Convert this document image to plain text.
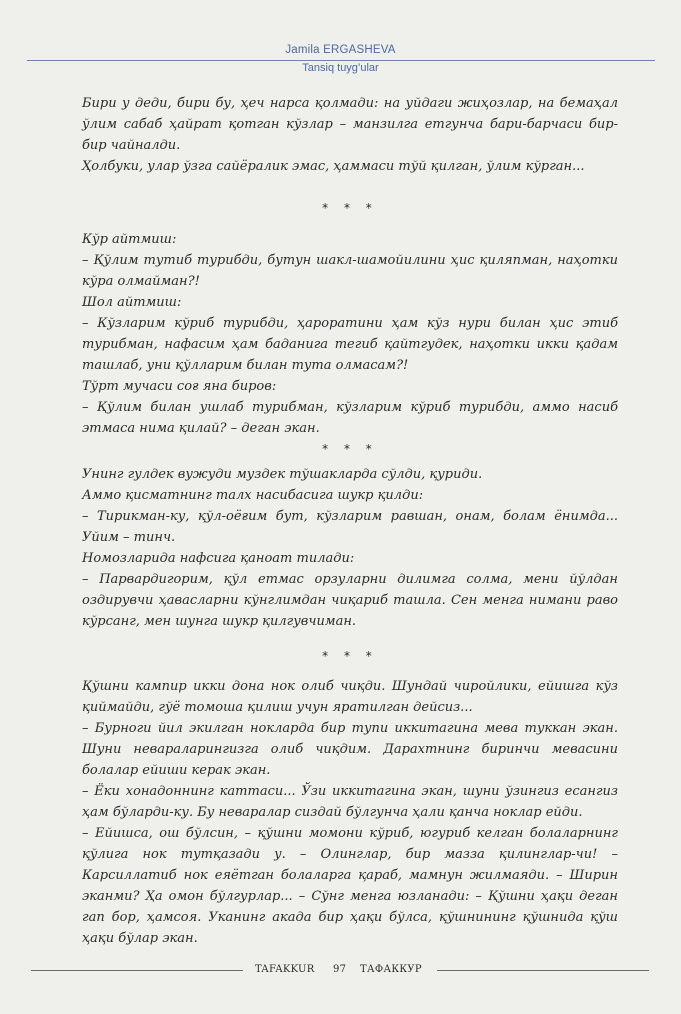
Jamila ERGASHEVA
Tansiq tuyg’ular

Бири у деди, бири бу, ҳеч нарса қолмади: на уйдаги жиҳозлар, на бемаҳал ўлим сабаб ҳайрат қотган кўзлар – манзилга етгунча бари-барчаси бир-бир чайналди.

Ҳолбуки, улар ўзга сайёралик эмас, ҳаммаси тўй қилган, ўлим кўрган...

* * *

Кўр айтмиш:

– Қўлим тутиб турибди, бутун шакл-шамойилини ҳис қиляпман, наҳотки кўра олмайман?!

Шол айтмиш:

– Кўзларим кўриб турибди, ҳароратини ҳам кўз нури билан ҳис этиб турибман, нафасим ҳам баданига тегиб қайтгудек, наҳотки икки қадам ташлаб, уни қўлларим билан тута олмасам?!

Тўрт мучаси соғ яна биров:

– Қўлим билан ушлаб турибман, кўзларим кўриб турибди, аммо насиб этмаса нима қилай? – деган экан.

* * *

Унинг гулдек вужуди муздек тўшакларда сўлди, қуриди.

Аммо қисматнинг талх насибасига шукр қилди:

– Тирикман-ку, қўл-оёғим бут, кўзларим равшан, онам, болам ёнимда... Уйим – тинч.

Номозларида нафсига қаноат тилади:

– Парвардигорим, қўл етмас орзуларни дилимга солма, мени йўлдан оздирувчи ҳаваcларни кўнглимдан чиқариб ташла. Сен менга нимани раво кўрсанг, мен шунга шукр қилгувчиман.

* * *

Қўшни кампир икки дона нок олиб чиқди. Шундай чиройлики, ейишга кўз қиймайди, гўё томоша қилиш учун яратилган дейсиз...

– Бурноги йил экилган нокларда бир тупи иккитагина мева туккан экан. Шуни невараларингизга олиб чиқдим. Дарахтнинг биринчи мевасини болалар ейиши керак экан.

– Ёки хонадоннинг каттаси... Ўзи иккитагина экан, шуни ўзингиз есангиз ҳам бўларди-ку. Бу неваралар сиздай бўлгунча ҳали қанча ноклар ейди.

– Ейишса, ош бўлсин, – қўшни момони кўриб, югуриб келган болаларнинг қўлига нок тутқазади у. – Олинглар, бир мазза қилинглар-чи! – Карсиллатиб нок еяётган болаларга қараб, мамнун жилмаяди. – Ширин эканми? Ҳа омон бўлгурлар... – Сўнг менга юзланади: – Қўшни ҳақи деган гап бор, ҳамсоя. Уканинг акада бир ҳақи бўлса, қўшнининг қўшнида қўш ҳақи бўлар экан.

TAFAKKUR 97 ТАФАККУР
